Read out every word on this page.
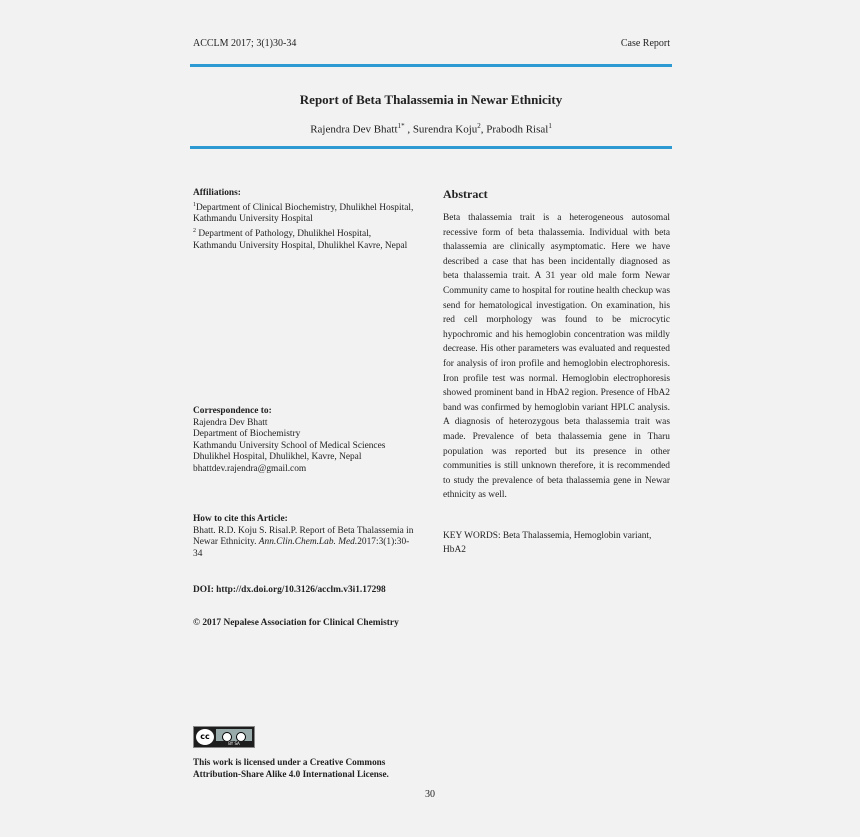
ACCLM 2017; 3(1)30-34	Case Report
Report of Beta Thalassemia in Newar Ethnicity
Rajendra Dev Bhatt$^{1*}$ , Surendra Koju$^2$, Prabodh Risal$^1$
Affiliations:
$^1$Department of Clinical Biochemistry, Dhulikhel Hospital, Kathmandu University Hospital
$^2$ Department of Pathology, Dhulikhel Hospital, Kathmandu University Hospital, Dhulikhel Kavre, Nepal
Correspondence to:
Rajendra Dev Bhatt
Department of Biochemistry
Kathmandu University School of Medical Sciences
Dhulikhel Hospital, Dhulikhel, Kavre, Nepal
bhattdev.rajendra@gmail.com
How to cite this Article:
Bhatt. R.D. Koju S. Risal.P. Report of Beta Thalassemia in Newar Ethnicity. Ann.Clin.Chem.Lab. Med.2017:3(1):30-34
DOI: http://dx.doi.org/10.3126/acclm.v3i1.17298
© 2017 Nepalese Association for Clinical Chemistry
cc
BY SA
This work is licensed under a Creative Commons Attribution-Share Alike 4.0 International License.
Abstract
Beta thalassemia trait is a heterogeneous autosomal recessive form of beta thalassemia. Individual with beta thalassemia are clinically asymptomatic. Here we have described a case that has been incidentally diagnosed as beta thalassemia trait. A 31 year old male form Newar Community came to hospital for routine health checkup was send for hematological investigation. On examination, his red cell morphology was found to be microcytic hypochromic and his hemoglobin concentration was mildly decrease. His other parameters was evaluated and requested for analysis of iron profile and hemoglobin electrophoresis. Iron profile test was normal. Hemoglobin electrophoresis showed prominent band in HbA2 region. Presence of HbA2 band was confirmed by hemoglobin variant HPLC analysis. A diagnosis of heterozygous beta thalassemia trait was made. Prevalence of beta thalassemia gene in Tharu population was reported but its presence in other communities is still unknown therefore, it is recommended to study the prevalence of beta thalassemia gene in Newar ethnicity as well.
KEY WORDS: Beta Thalassemia, Hemoglobin variant, HbA2
30
